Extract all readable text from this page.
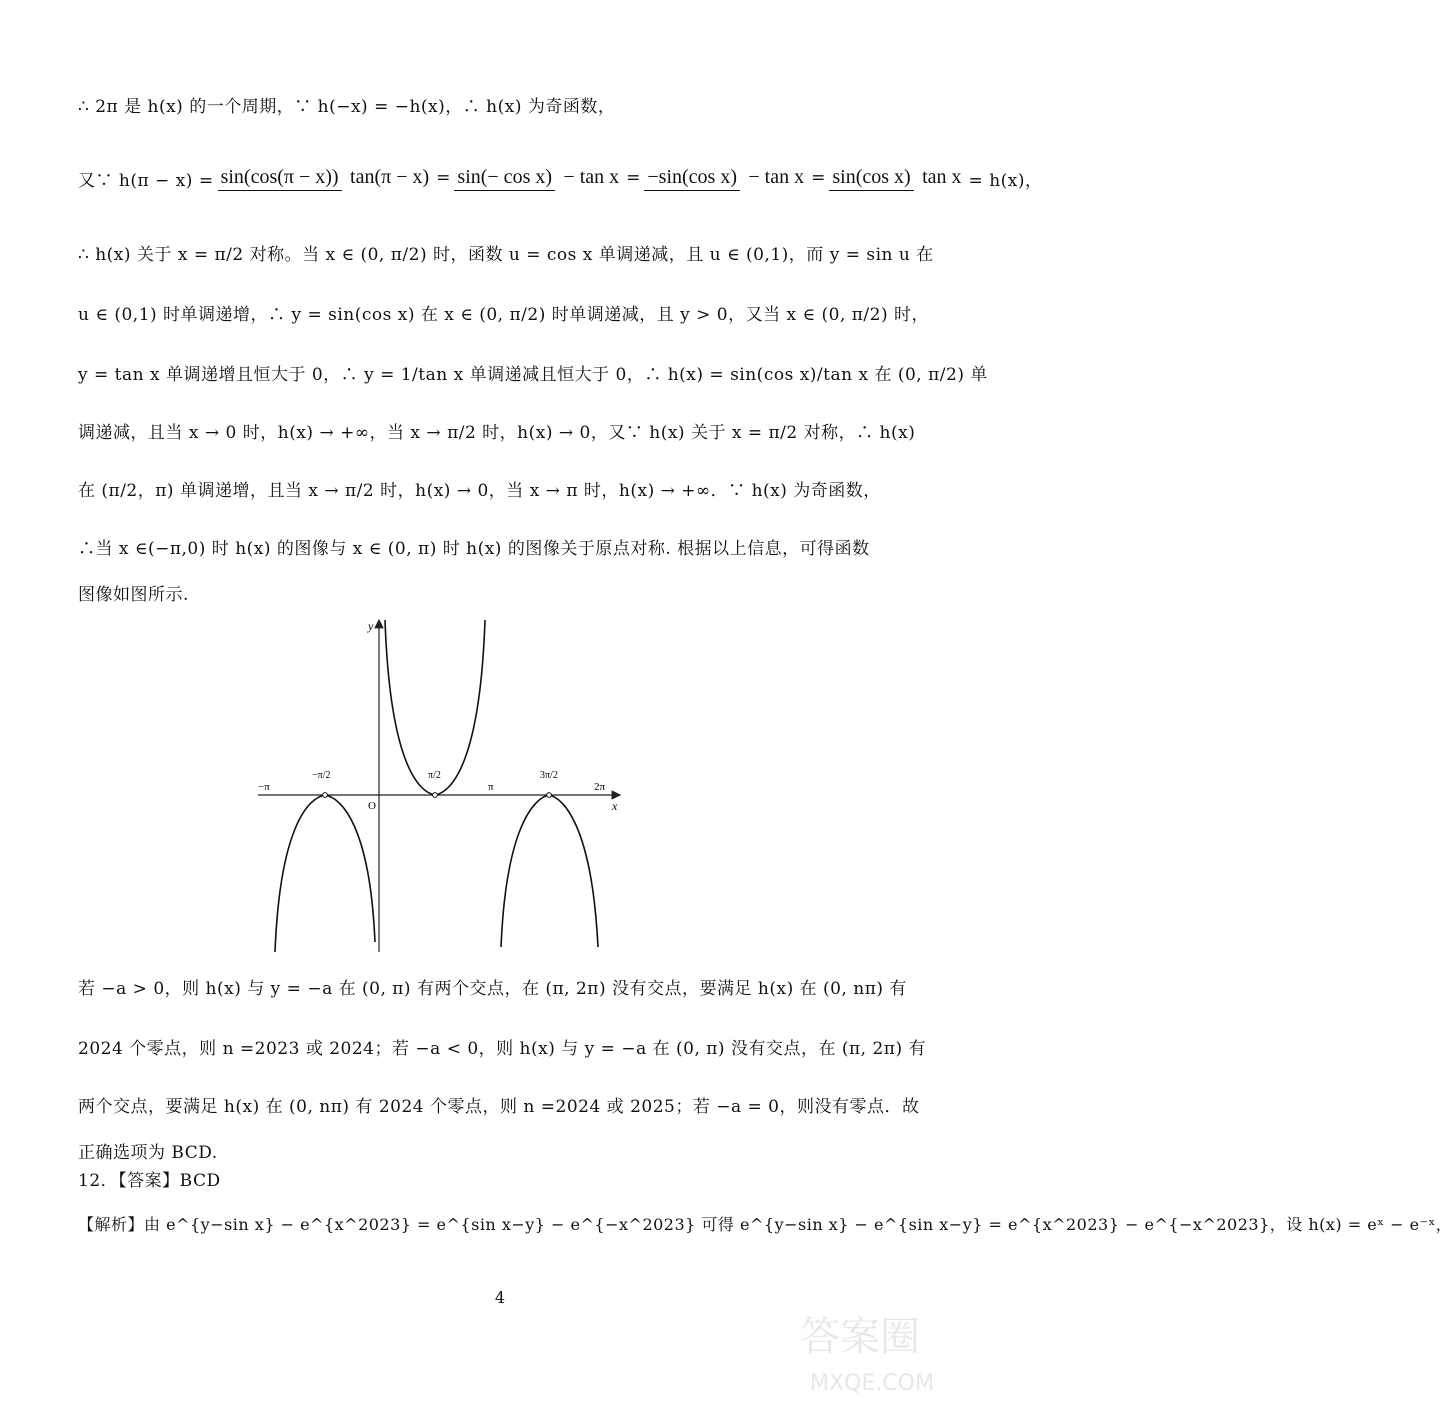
∴ 2π 是 h(x) 的一个周期，∵ h(−x) = −h(x)，∴ h(x) 为奇函数，
又∵ h(π − x) = sin(cos(π − x)) tan(π − x) = sin(− cos x) − tan x = −sin(cos x) − tan x = sin(cos x) tan x = h(x)，
∴ h(x) 关于 x = π/2 对称。当 x ∈ (0, π/2) 时，函数 u = cos x 单调递减，且 u ∈ (0,1)，而 y = sin u 在
u ∈ (0,1) 时单调递增，∴ y = sin(cos x) 在 x ∈ (0, π/2) 时单调递减，且 y > 0，又当 x ∈ (0, π/2) 时，
y = tan x 单调递增且恒大于 0，∴ y = 1/tan x 单调递减且恒大于 0，∴ h(x) = sin(cos x)/tan x 在 (0, π/2) 单
调递减，且当 x → 0 时，h(x) → +∞，当 x → π/2 时，h(x) → 0，又∵ h(x) 关于 x = π/2 对称，∴ h(x)
在 (π/2，π) 单调递增，且当 x → π/2 时，h(x) → 0，当 x → π 时，h(x) → +∞．∵ h(x) 为奇函数，
∴当 x ∈(−π,0) 时 h(x) 的图像与 x ∈ (0, π) 时 h(x) 的图像关于原点对称. 根据以上信息，可得函数
图像如图所示.
y
x
O
−π
−π/2	π/2
π
3π/2
2π
若 −a > 0，则 h(x) 与 y = −a 在 (0, π) 有两个交点，在 (π, 2π) 没有交点，要满足 h(x) 在 (0, nπ) 有
2024 个零点，则 n =2023 或 2024；若 −a < 0，则 h(x) 与 y = −a 在 (0, π) 没有交点，在 (π, 2π) 有
两个交点，要满足 h(x) 在 (0, nπ) 有 2024 个零点，则 n =2024 或 2025；若 −a = 0，则没有零点．故
正确选项为 BCD.
12．【答案】BCD
【解析】由 e^{y−sin x} − e^{x^2023} = e^{sin x−y} − e^{−x^2023} 可得 e^{y−sin x} − e^{sin x−y} = e^{x^2023} − e^{−x^2023}，设 h(x) = eˣ − e⁻ˣ，
4
答案圈
MXQE.COM
